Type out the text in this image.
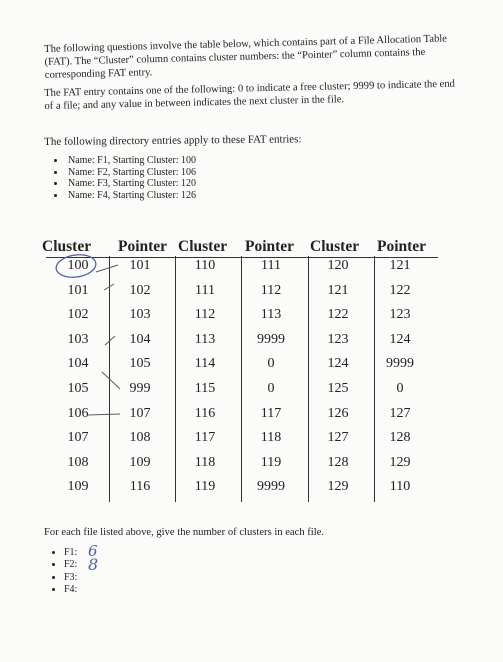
The following questions involve the table below, which contains part of a File Allocation Table (FAT). The “Cluster” column contains cluster numbers: the “Pointer” column contains the corresponding FAT entry.

The FAT entry contains one of the following: 0 to indicate a free cluster; 9999 to indicate the end of a file; and any value in between indicates the next cluster in the file.

The following directory entries apply to these FAT entries:

• Name: F1, Starting Cluster: 100
• Name: F2, Starting Cluster: 106
• Name: F3, Starting Cluster: 120
• Name: F4, Starting Cluster: 126
Cluster Pointer Cluster Pointer Cluster Pointer
100	101	110	111	120	121
101	102	111	112	121	122
102	103	112	113	122	123
103	104	113	9999	123	124
104	105	114	0	124	9999
105	999	115	0	125	0
106	107	116	117	126	127
107	108	117	118	127	128
108	109	118	119	128	129
109	116	119	9999	129	110

For each file listed above, give the number of clusters in each file.

• F1:
• F2:
• F3:
• F4:
6
8
